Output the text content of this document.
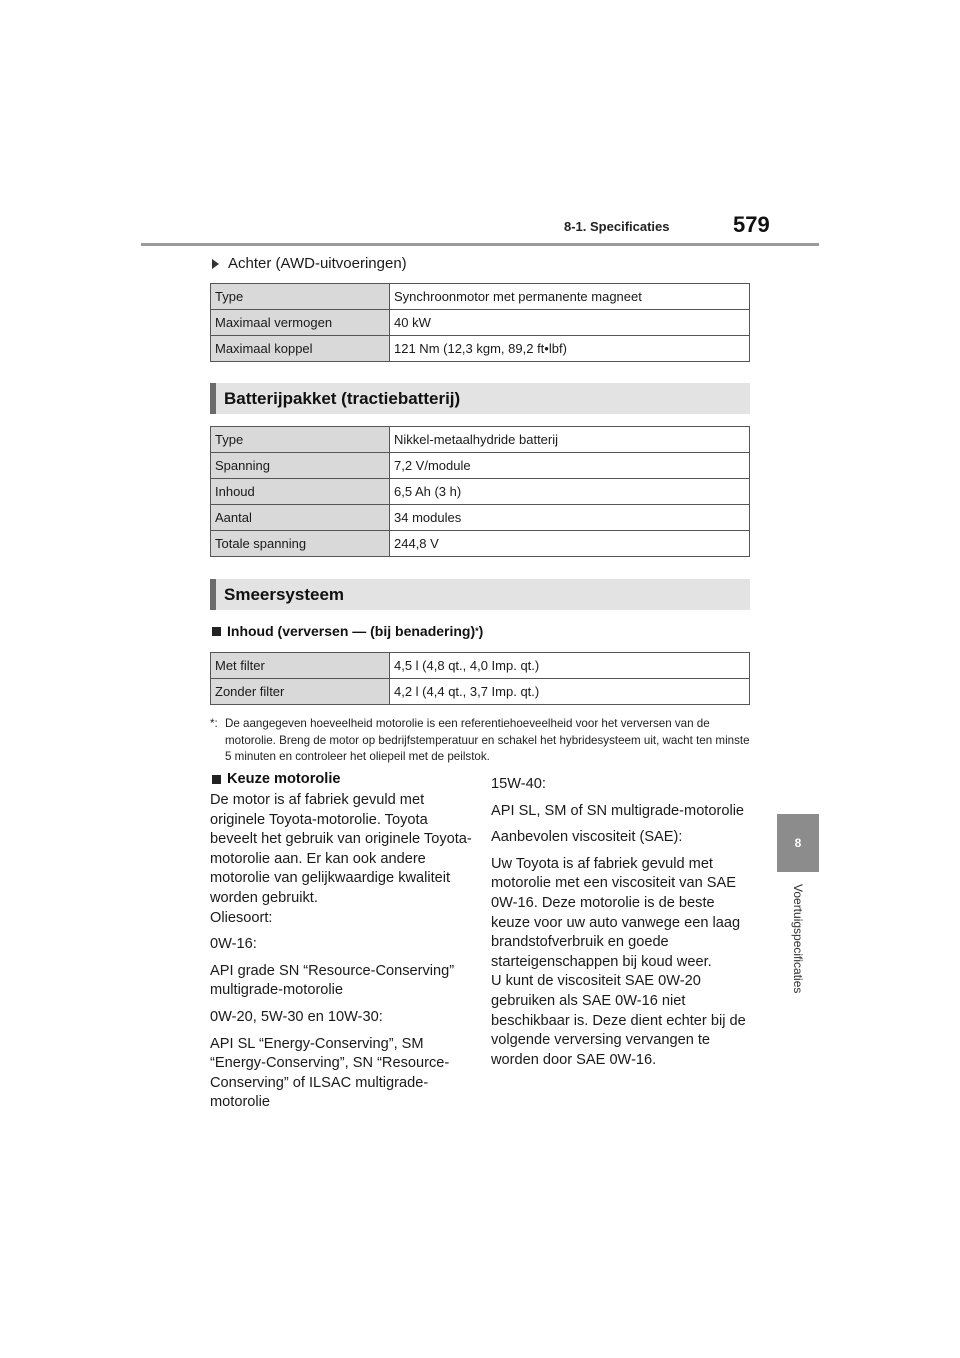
8-1. Specificaties	579
8
Voertuigspecificaties
Achter (AWD-uitvoeringen)
Type	Synchroonmotor met permanente magneet
Maximaal vermogen	40 kW
Maximaal koppel	121 Nm (12,3 kgm, 89,2 ft•lbf)
Batterijpakket (tractiebatterij)
Type	Nikkel-metaalhydride batterij
Spanning	7,2 V/module
Inhoud	6,5 Ah (3 h)
Aantal	34 modules
Totale spanning	244,8 V
Smeersysteem
Inhoud (verversen — (bij benadering) * )
Met filter	4,5 l (4,8 qt., 4,0 Imp. qt.)
Zonder filter	4,2 l (4,4 qt., 3,7 Imp. qt.)
*: De aangegeven hoeveelheid motorolie is een referentiehoeveelheid voor het verversen van de motorolie. Breng de motor op bedrijfstemperatuur en schakel het hybridesysteem uit, wacht ten minste 5 minuten en controleer het oliepeil met de peilstok.
Keuze motorolie

De motor is af fabriek gevuld met originele Toyota-motorolie. Toyota beveelt het gebruik van originele Toyota-motorolie aan. Er kan ook andere motorolie van gelijkwaardige kwaliteit worden gebruikt.

Oliesoort:

0W-16:

API grade SN “Resource-Conserving” multigrade-motorolie

0W-20, 5W-30 en 10W-30:

API SL “Energy-Conserving”, SM “Energy-Conserving”, SN “Resource-Conserving” of ILSAC multigrade-motorolie

15W-40:

API SL, SM of SN multigrade-motorolie

Aanbevolen viscositeit (SAE):

Uw Toyota is af fabriek gevuld met motorolie met een viscositeit van SAE 0W-16. Deze motorolie is de beste keuze voor uw auto vanwege een laag brandstofverbruik en goede starteigenschappen bij koud weer.

U kunt de viscositeit SAE 0W-20 gebruiken als SAE 0W-16 niet beschikbaar is. Deze dient echter bij de volgende verversing vervangen te worden door SAE 0W-16.
